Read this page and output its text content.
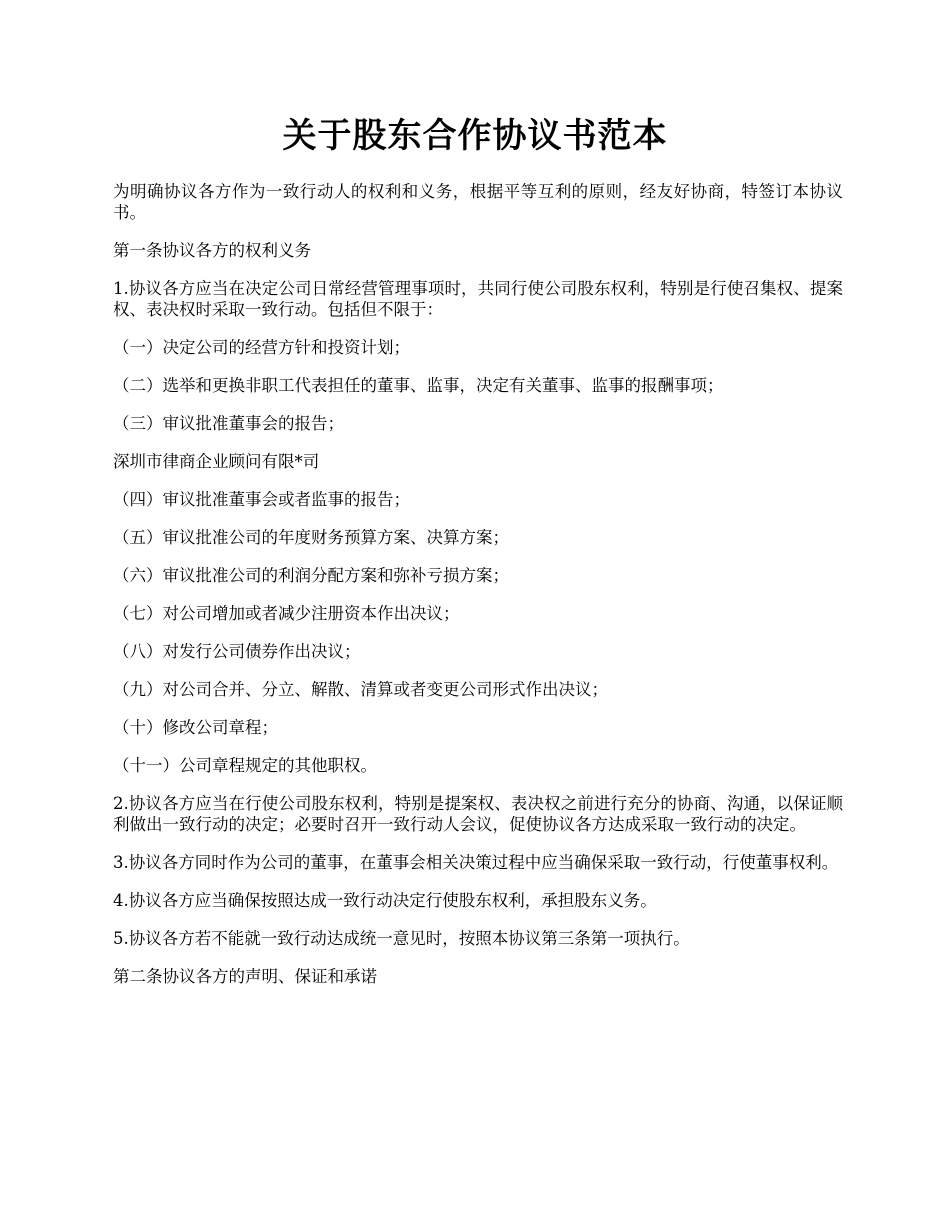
关于股东合作协议书范本

为明确协议各方作为一致行动人的权利和义务，根据平等互利的原则，经友好协商，特签订本协议书。

第一条协议各方的权利义务

1.协议各方应当在决定公司日常经营管理事项时，共同行使公司股东权利，特别是行使召集权、提案权、表决权时采取一致行动。包括但不限于：

（一）决定公司的经营方针和投资计划；

（二）选举和更换非职工代表担任的董事、监事，决定有关董事、监事的报酬事项；

（三）审议批准董事会的报告；

深圳市律商企业顾问有限*司

（四）审议批准董事会或者监事的报告；

（五）审议批准公司的年度财务预算方案、决算方案；

（六）审议批准公司的利润分配方案和弥补亏损方案；

（七）对公司增加或者减少注册资本作出决议；

（八）对发行公司债券作出决议；

（九）对公司合并、分立、解散、清算或者变更公司形式作出决议；

（十）修改公司章程；

（十一）公司章程规定的其他职权。

2.协议各方应当在行使公司股东权利，特别是提案权、表决权之前进行充分的协商、沟通，以保证顺利做出一致行动的决定；必要时召开一致行动人会议，促使协议各方达成采取一致行动的决定。

3.协议各方同时作为公司的董事，在董事会相关决策过程中应当确保采取一致行动，行使董事权利。

4.协议各方应当确保按照达成一致行动决定行使股东权利，承担股东义务。

5.协议各方若不能就一致行动达成统一意见时，按照本协议第三条第一项执行。

第二条协议各方的声明、保证和承诺
